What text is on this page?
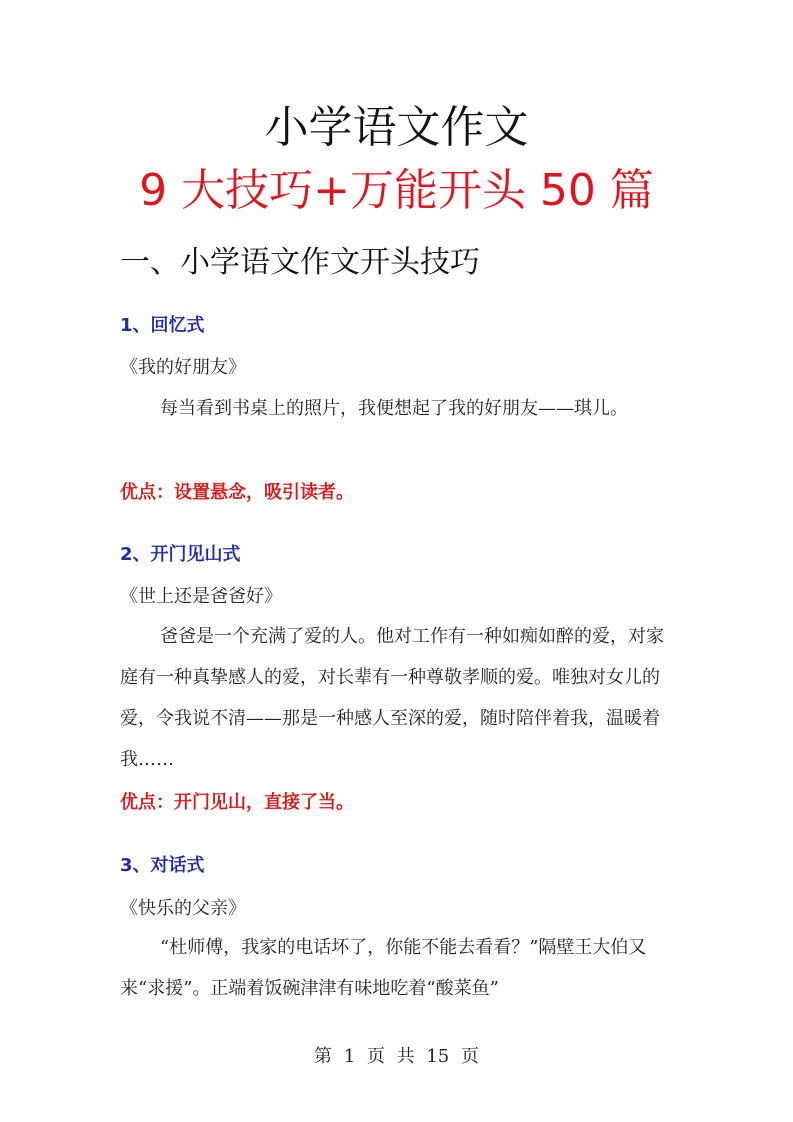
小学语文作文
9 大技巧+万能开头 50 篇
一、小学语文作文开头技巧
1、回忆式
《我的好朋友》

每当看到书桌上的照片，我便想起了我的好朋友——琪儿。

优点：设置悬念，吸引读者。
2、开门见山式
《世上还是爸爸好》

爸爸是一个充满了爱的人。他对工作有一种如痴如醉的爱，对家庭有一种真挚感人的爱，对长辈有一种尊敬孝顺的爱。唯独对女儿的爱，令我说不清——那是一种感人至深的爱，随时陪伴着我，温暖着我……

优点：开门见山，直接了当。
3、对话式
《快乐的父亲》

“杜师傅，我家的电话坏了，你能不能去看看？”隔壁王大伯又来“求援”。正端着饭碗津津有味地吃着“酸菜鱼”

第 1 页 共 15 页
